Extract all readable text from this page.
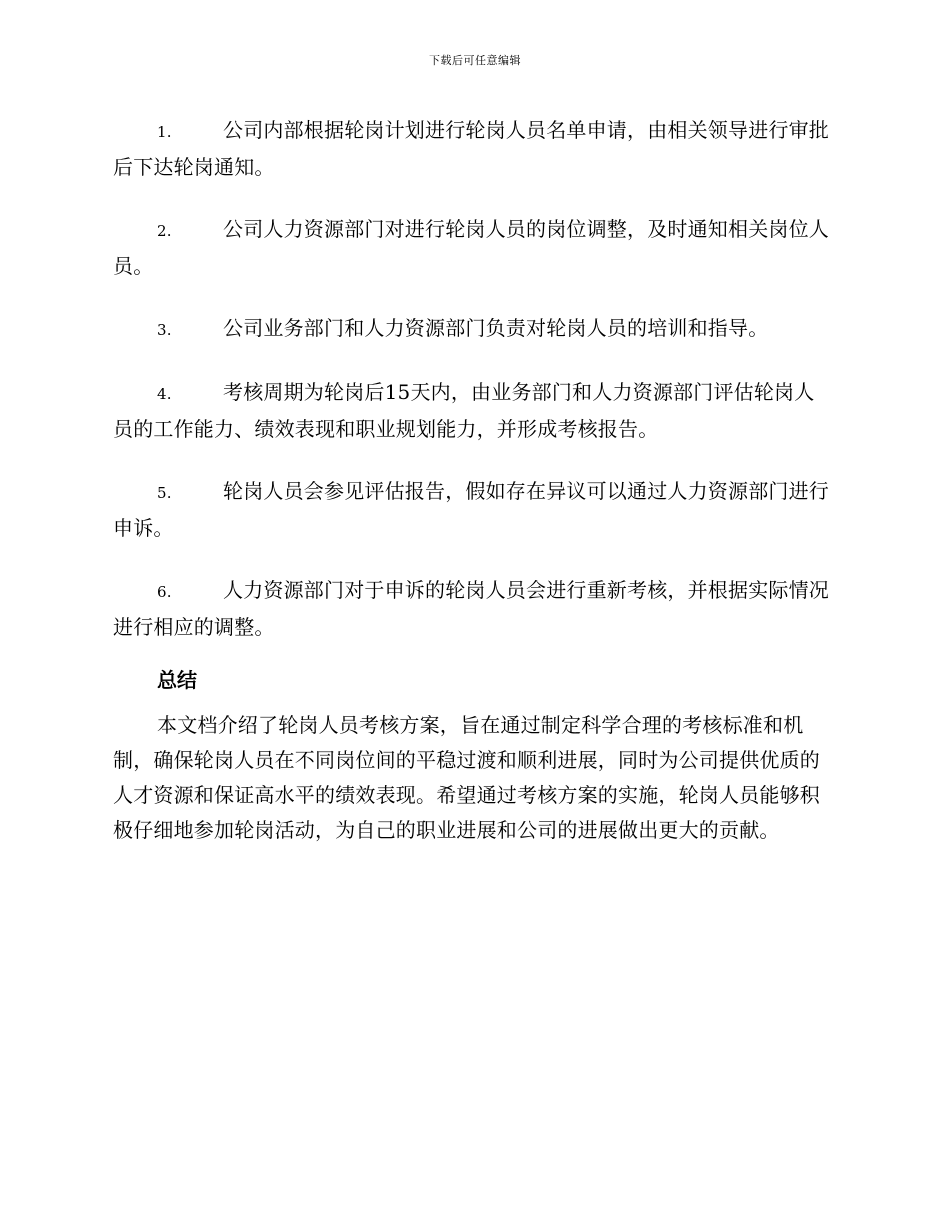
下载后可任意编辑

1.	公司内部根据轮岗计划进行轮岗人员名单申请，由相关领导进行审批后下达轮岗通知。

2.	公司人力资源部门对进行轮岗人员的岗位调整，及时通知相关岗位人员。

3.	公司业务部门和人力资源部门负责对轮岗人员的培训和指导。

4.	考核周期为轮岗后15天内，由业务部门和人力资源部门评估轮岗人员的工作能力、绩效表现和职业规划能力，并形成考核报告。

5.	轮岗人员会参见评估报告，假如存在异议可以通过人力资源部门进行申诉。

6.	人力资源部门对于申诉的轮岗人员会进行重新考核，并根据实际情况进行相应的调整。

总结

本文档介绍了轮岗人员考核方案，旨在通过制定科学合理的考核标准和机制，确保轮岗人员在不同岗位间的平稳过渡和顺利进展，同时为公司提供优质的人才资源和保证高水平的绩效表现。希望通过考核方案的实施，轮岗人员能够积极仔细地参加轮岗活动，为自己的职业进展和公司的进展做出更大的贡献。
